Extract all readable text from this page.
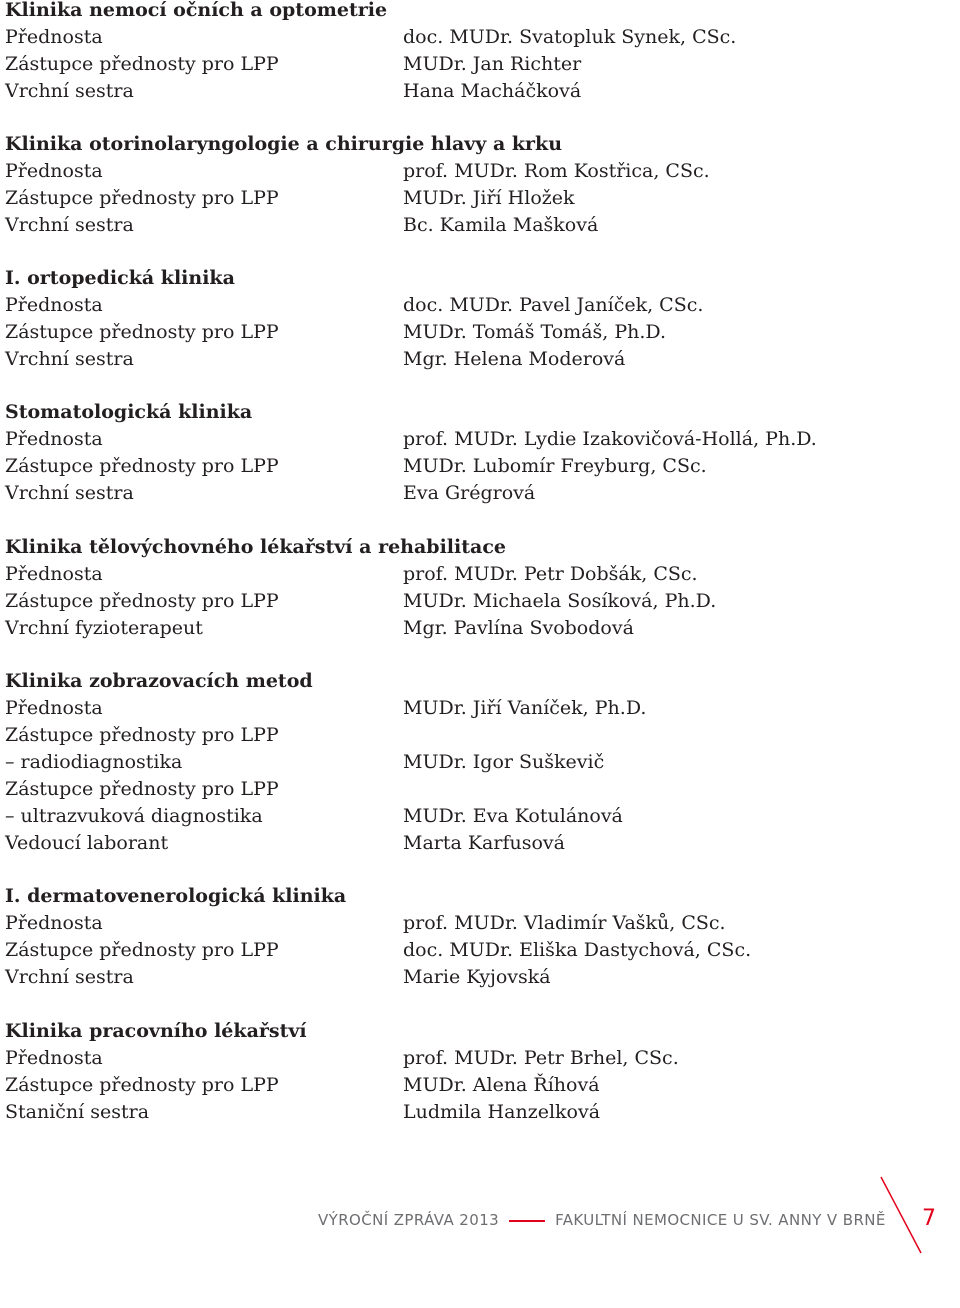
Klinika nemocí očních a optometrie
Přednosta	doc. MUDr. Svatopluk Synek, CSc.
Zástupce přednosty pro LPP	MUDr. Jan Richter
Vrchní sestra	Hana Macháčková
Klinika otorinolaryngologie a chirurgie hlavy a krku
Přednosta	prof. MUDr. Rom Kostřica, CSc.
Zástupce přednosty pro LPP	MUDr. Jiří Hložek
Vrchní sestra	Bc. Kamila Mašková
I. ortopedická klinika
Přednosta	doc. MUDr. Pavel Janíček, CSc.
Zástupce přednosty pro LPP	MUDr. Tomáš Tomáš, Ph.D.
Vrchní sestra	Mgr. Helena Moderová
Stomatologická klinika
Přednosta	prof. MUDr. Lydie Izakovičová-Hollá, Ph.D.
Zástupce přednosty pro LPP	MUDr. Lubomír Freyburg, CSc.
Vrchní sestra	Eva Grégrová
Klinika tělovýchovného lékařství a rehabilitace
Přednosta	prof. MUDr. Petr Dobšák, CSc.
Zástupce přednosty pro LPP	MUDr. Michaela Sosíková, Ph.D.
Vrchní fyzioterapeut	Mgr. Pavlína Svobodová
Klinika zobrazovacích metod
Přednosta	MUDr. Jiří Vaníček, Ph.D.
Zástupce přednosty pro LPP
– radiodiagnostika	MUDr. Igor Suškevič
Zástupce přednosty pro LPP
– ultrazvuková diagnostika	MUDr. Eva Kotulánová
Vedoucí laborant	Marta Karfusová
I. dermatovenerologická klinika
Přednosta	prof. MUDr. Vladimír Vašků, CSc.
Zástupce přednosty pro LPP	doc. MUDr. Eliška Dastychová, CSc.
Vrchní sestra	Marie Kyjovská
Klinika pracovního lékařství
Přednosta	prof. MUDr. Petr Brhel, CSc.
Zástupce přednosty pro LPP	MUDr. Alena Říhová
Staniční sestra	Ludmila Hanzelková
VÝROČNÍ ZPRÁVA 2013	FAKULTNÍ NEMOCNICE U SV. ANNY V BRNĚ 7
